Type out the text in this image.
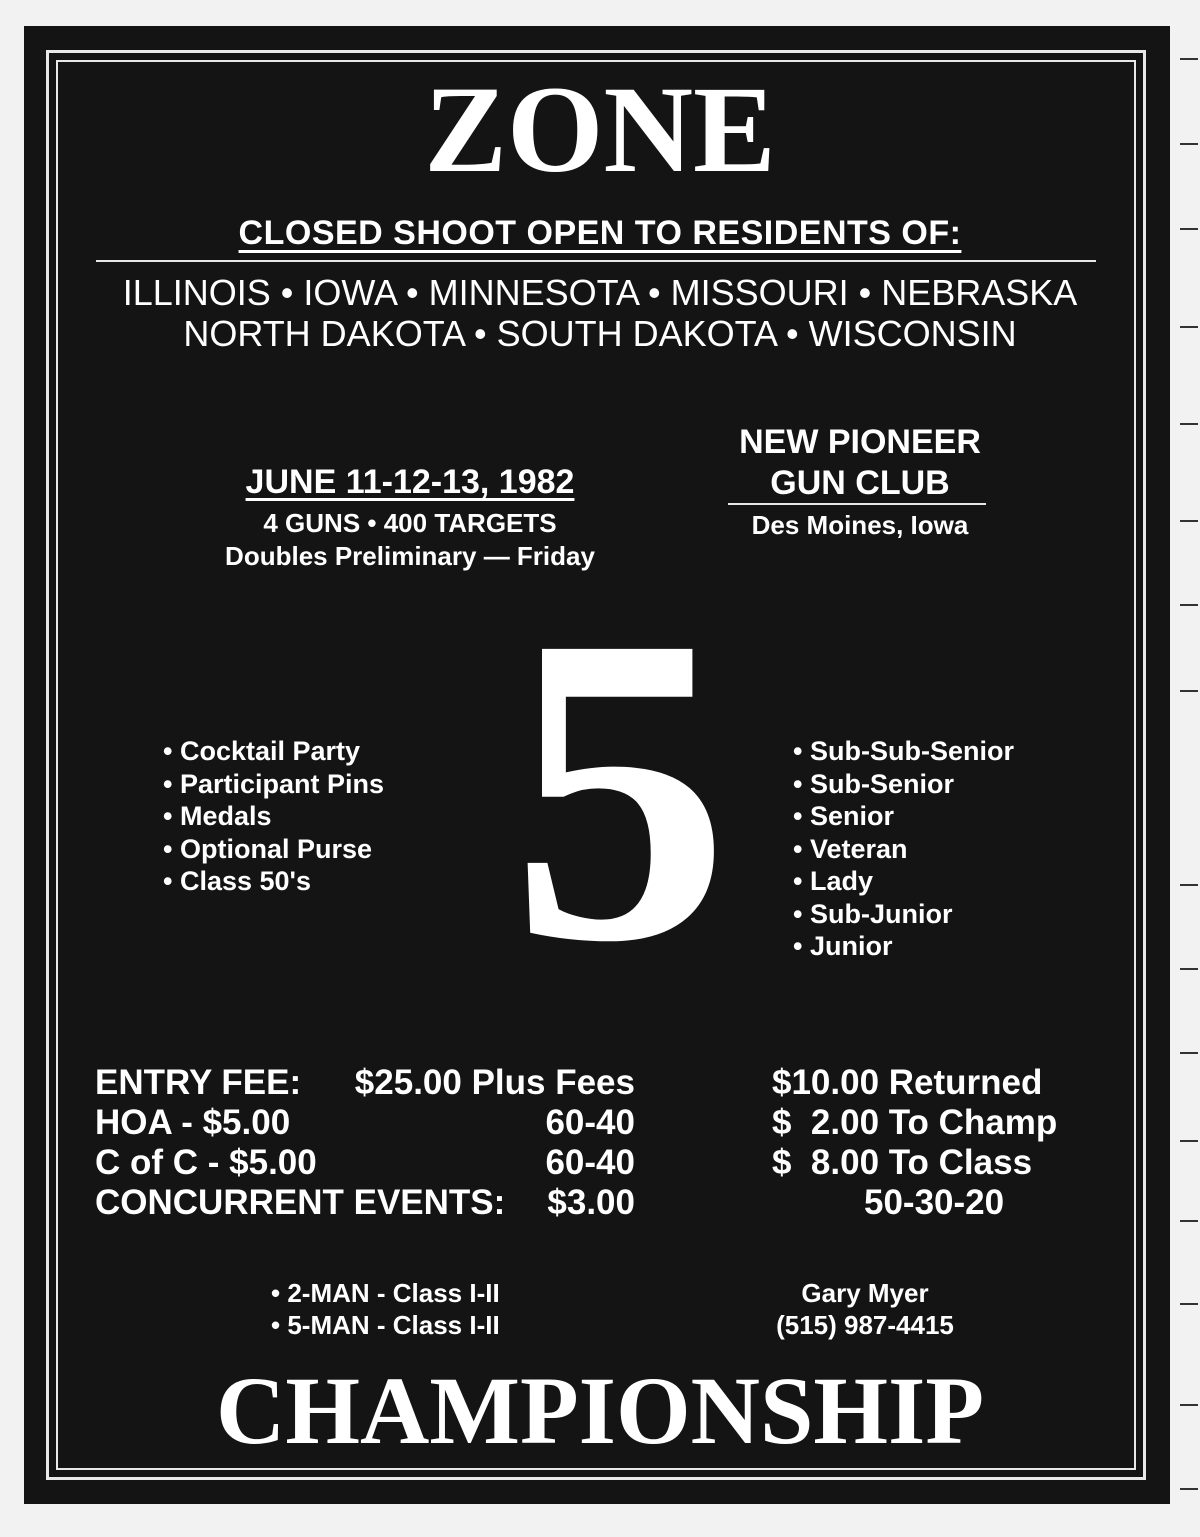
ZONE
CLOSED SHOOT OPEN TO RESIDENTS OF:
ILLINOIS • IOWA • MINNESOTA • MISSOURI • NEBRASKA
NORTH DAKOTA • SOUTH DAKOTA • WISCONSIN
JUNE 11-12-13, 1982
4 GUNS • 400 TARGETS
Doubles Preliminary — Friday
NEW PIONEER
GUN CLUB
Des Moines, Iowa
5
• Cocktail Party
• Participant Pins
• Medals
• Optional Purse
• Class 50's
• Sub-Sub-Senior
• Sub-Senior
• Senior
• Veteran
• Lady
• Sub-Junior
• Junior
ENTRY FEE: $25.00 Plus Fees
HOA - $5.00	60-40
C of C - $5.00	60-40
CONCURRENT EVENTS: $3.00
$10.00 Returned
$  2.00 To Champ
$  8.00 To Class
50-30-20
• 2-MAN - Class I-II
• 5-MAN - Class I-II
Gary Myer
(515) 987-4415
CHAMPIONSHIP
